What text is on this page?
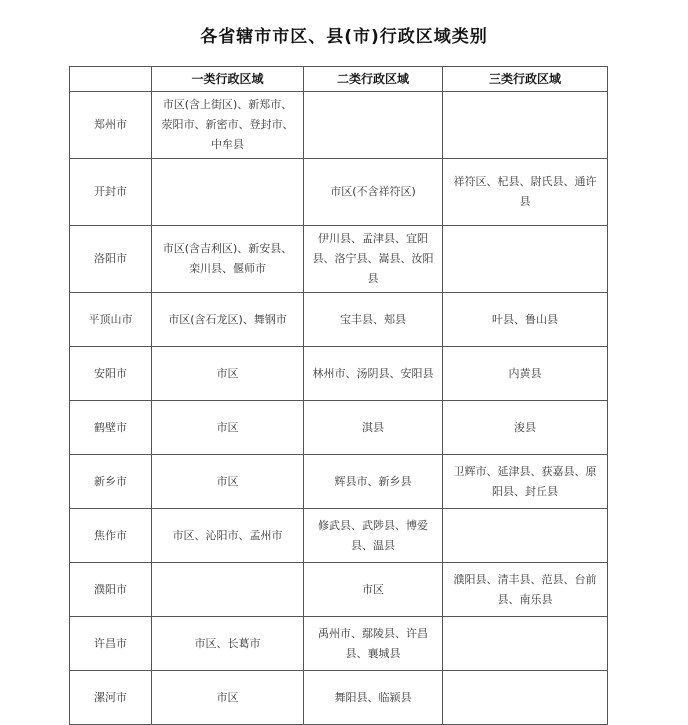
各省辖市市区、县(市)行政区域类别
	一类行政区域	二类行政区域	三类行政区域
郑州市	市区(含上街区)、新郑市、荥阳市、新密市、登封市、中牟县		
开封市		市区(不含祥符区)	祥符区、杞县、尉氏县、通许县
洛阳市	市区(含吉利区)、新安县、栾川县、偃师市	伊川县、孟津县、宜阳县、洛宁县、嵩县、汝阳县	
平顶山市	市区(含石龙区)、舞钢市	宝丰县、郏县	叶县、鲁山县
安阳市	市区	林州市、汤阴县、安阳县	内黄县
鹤壁市	市区	淇县	浚县
新乡市	市区	辉县市、新乡县	卫辉市、延津县、获嘉县、原阳县、封丘县
焦作市	市区、沁阳市、孟州市	修武县、武陟县、博爱县、温县	
濮阳市		市区	濮阳县、清丰县、范县、台前县、南乐县
许昌市	市区、长葛市	禹州市、鄢陵县、许昌县、襄城县	
漯河市	市区	舞阳县、临颍县	
